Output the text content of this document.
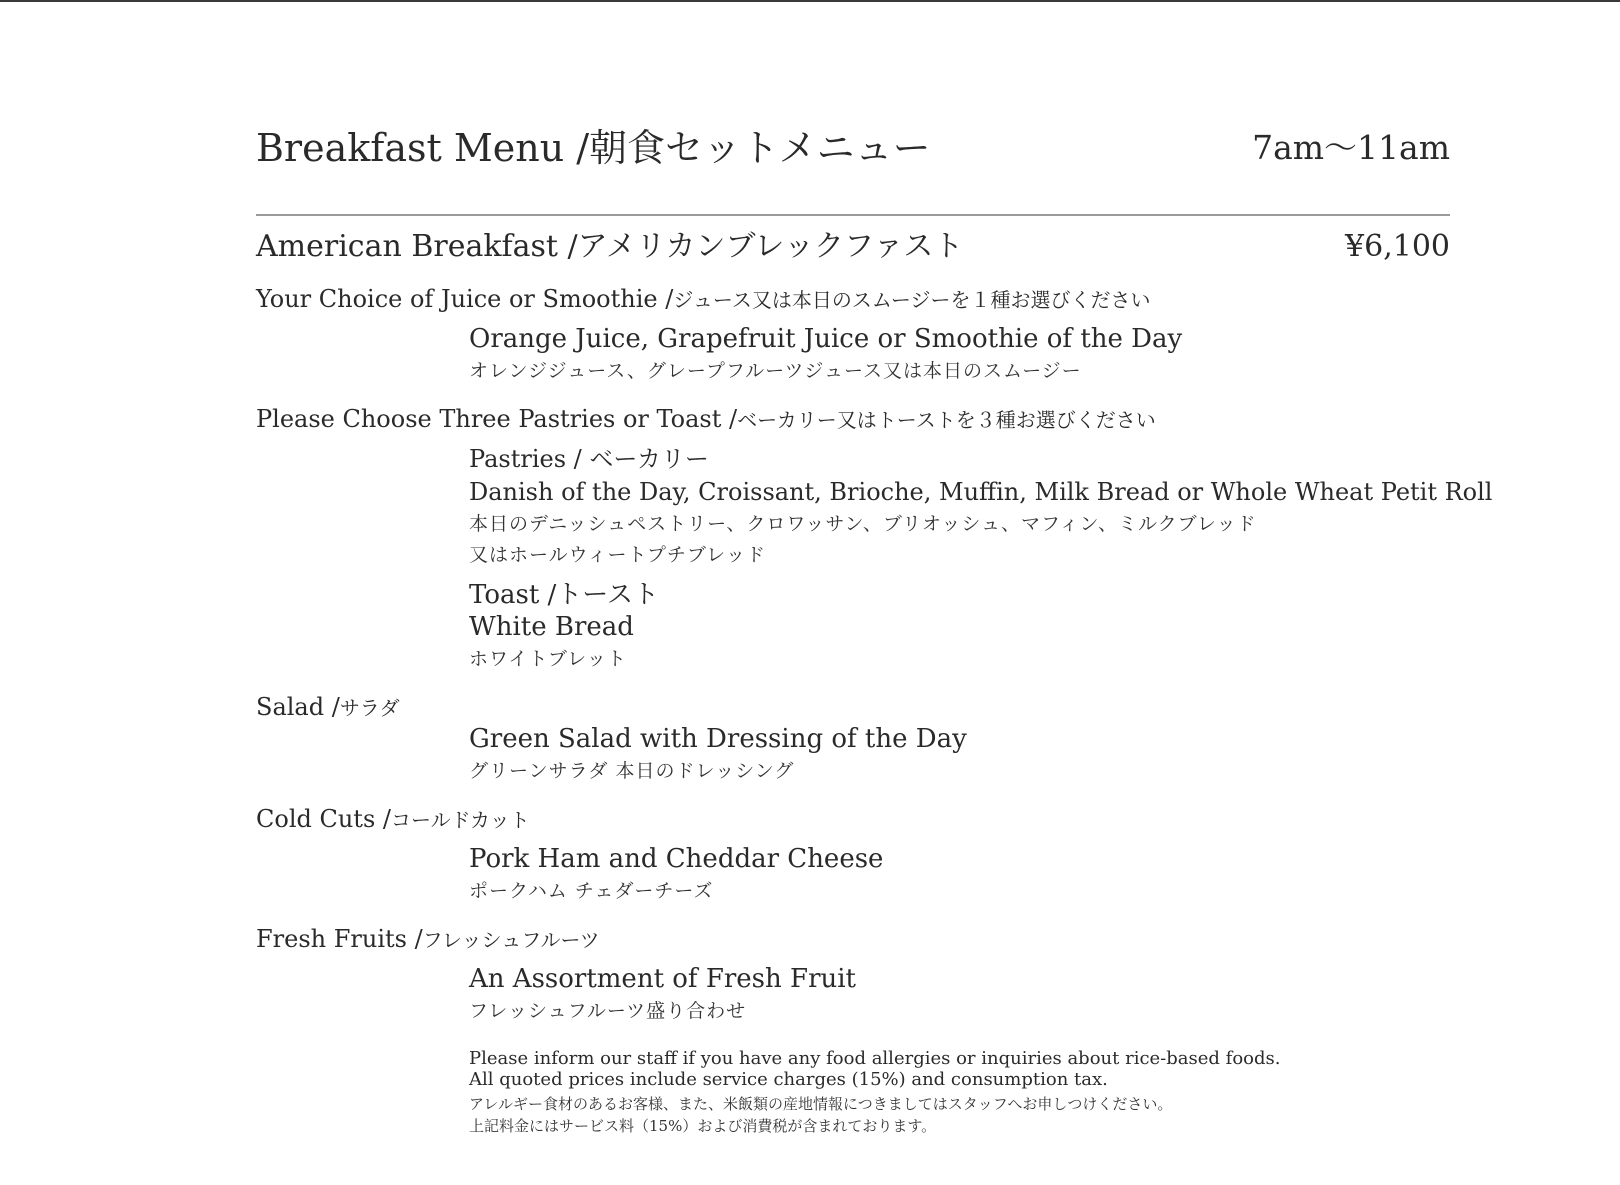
Breakfast Menu /朝食セットメニュー	7am～11am
American Breakfast /アメリカンブレックファスト	¥6,100
Your Choice of Juice or Smoothie /ジュース又は本日のスムージーを１種お選びください
Orange Juice, Grapefruit Juice or Smoothie of the Day
オレンジジュース、グレープフルーツジュース又は本日のスムージー
Please Choose Three Pastries or Toast /ベーカリー又はトーストを３種お選びください
Pastries / ベーカリー
Danish of the Day, Croissant, Brioche, Muffin, Milk Bread or Whole Wheat Petit Roll
本日のデニッシュペストリー、クロワッサン、ブリオッシュ、マフィン、ミルクブレッド
又はホールウィートプチブレッド
Toast /トースト
White Bread
ホワイトブレット
Salad /サラダ
Green Salad with Dressing of the Day
グリーンサラダ 本日のドレッシング
Cold Cuts /コールドカット
Pork Ham and Cheddar Cheese
ポークハム チェダーチーズ
Fresh Fruits /フレッシュフルーツ
An Assortment of Fresh Fruit
フレッシュフルーツ盛り合わせ
Please inform our staff if you have any food allergies or inquiries about rice-based foods.
All quoted prices include service charges (15%) and consumption tax.
アレルギー食材のあるお客様、また、米飯類の産地情報につきましてはスタッフへお申しつけください。
上記料金にはサービス料（15%）および消費税が含まれております。
